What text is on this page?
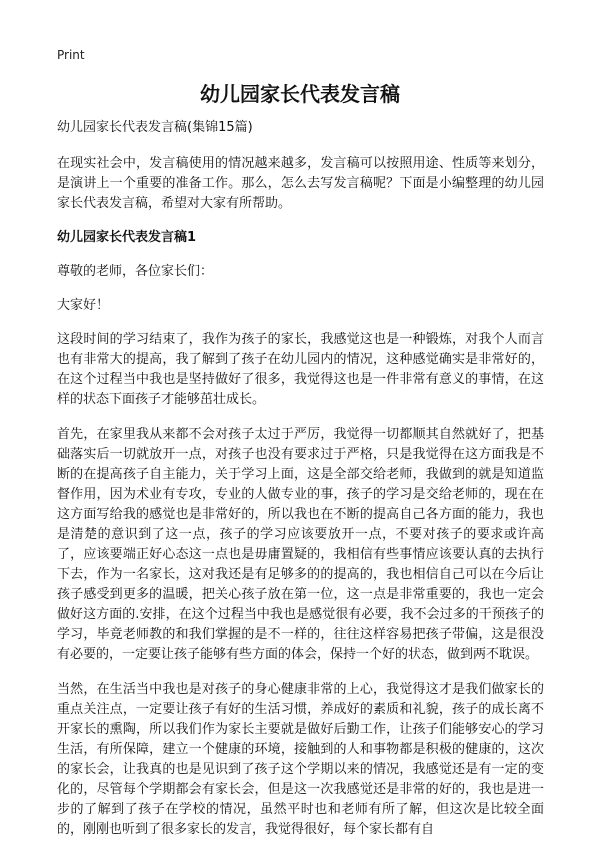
Print
幼儿园家长代表发言稿

幼儿园家长代表发言稿(集锦15篇)

在现实社会中，发言稿使用的情况越来越多，发言稿可以按照用途、性质等来划分，是演讲上一个重要的准备工作。那么，怎么去写发言稿呢？下面是小编整理的幼儿园家长代表发言稿，希望对大家有所帮助。

幼儿园家长代表发言稿1

尊敬的老师，各位家长们：

大家好！

这段时间的学习结束了，我作为孩子的家长，我感觉这也是一种锻炼，对我个人而言也有非常大的提高，我了解到了孩子在幼儿园内的情况，这种感觉确实是非常好的，在这个过程当中我也是坚持做好了很多，我觉得这也是一件非常有意义的事情，在这样的状态下面孩子才能够茁壮成长。

首先，在家里我从来都不会对孩子太过于严厉，我觉得一切都顺其自然就好了，把基础落实后一切就放开一点，对孩子也没有要求过于严格，只是我觉得在这方面我是不断的在提高孩子自主能力，关于学习上面，这是全部交给老师，我做到的就是知道监督作用，因为术业有专攻，专业的人做专业的事，孩子的学习是交给老师的，现在在这方面写给我的感觉也是非常好的，所以我也在不断的提高自己各方面的能力，我也是清楚的意识到了这一点，孩子的学习应该要放开一点，不要对孩子的要求或许高了，应该要端正好心态这一点也是毋庸置疑的，我相信有些事情应该要认真的去执行下去，作为一名家长，这对我还是有足够多的的提高的，我也相信自己可以在今后让孩子感受到更多的温暖，把关心孩子放在第一位，这一点是非常重要的，我也一定会做好这方面的.安排，在这个过程当中我也是感觉很有必要，我不会过多的干预孩子的学习，毕竟老师教的和我们掌握的是不一样的，往往这样容易把孩子带偏，这是很没有必要的，一定要让孩子能够有些方面的体会，保持一个好的状态，做到两不耽误。

当然，在生活当中我也是对孩子的身心健康非常的上心，我觉得这才是我们做家长的重点关注点，一定要让孩子有好的生活习惯，养成好的素质和礼貌，孩子的成长离不开家长的熏陶，所以我们作为家长主要就是做好后勤工作，让孩子们能够安心的学习生活，有所保障，建立一个健康的环境，接触到的人和事物都是积极的健康的，这次的家长会，让我真的也是见识到了孩子这个学期以来的情况，我感觉还是有一定的变化的，尽管每个学期都会有家长会，但是这一次我感觉还是非常的好的，我也是进一步的了解到了孩子在学校的情况，虽然平时也和老师有所了解，但这次是比较全面的，刚刚也听到了很多家长的发言，我觉得很好，每个家长都有自
